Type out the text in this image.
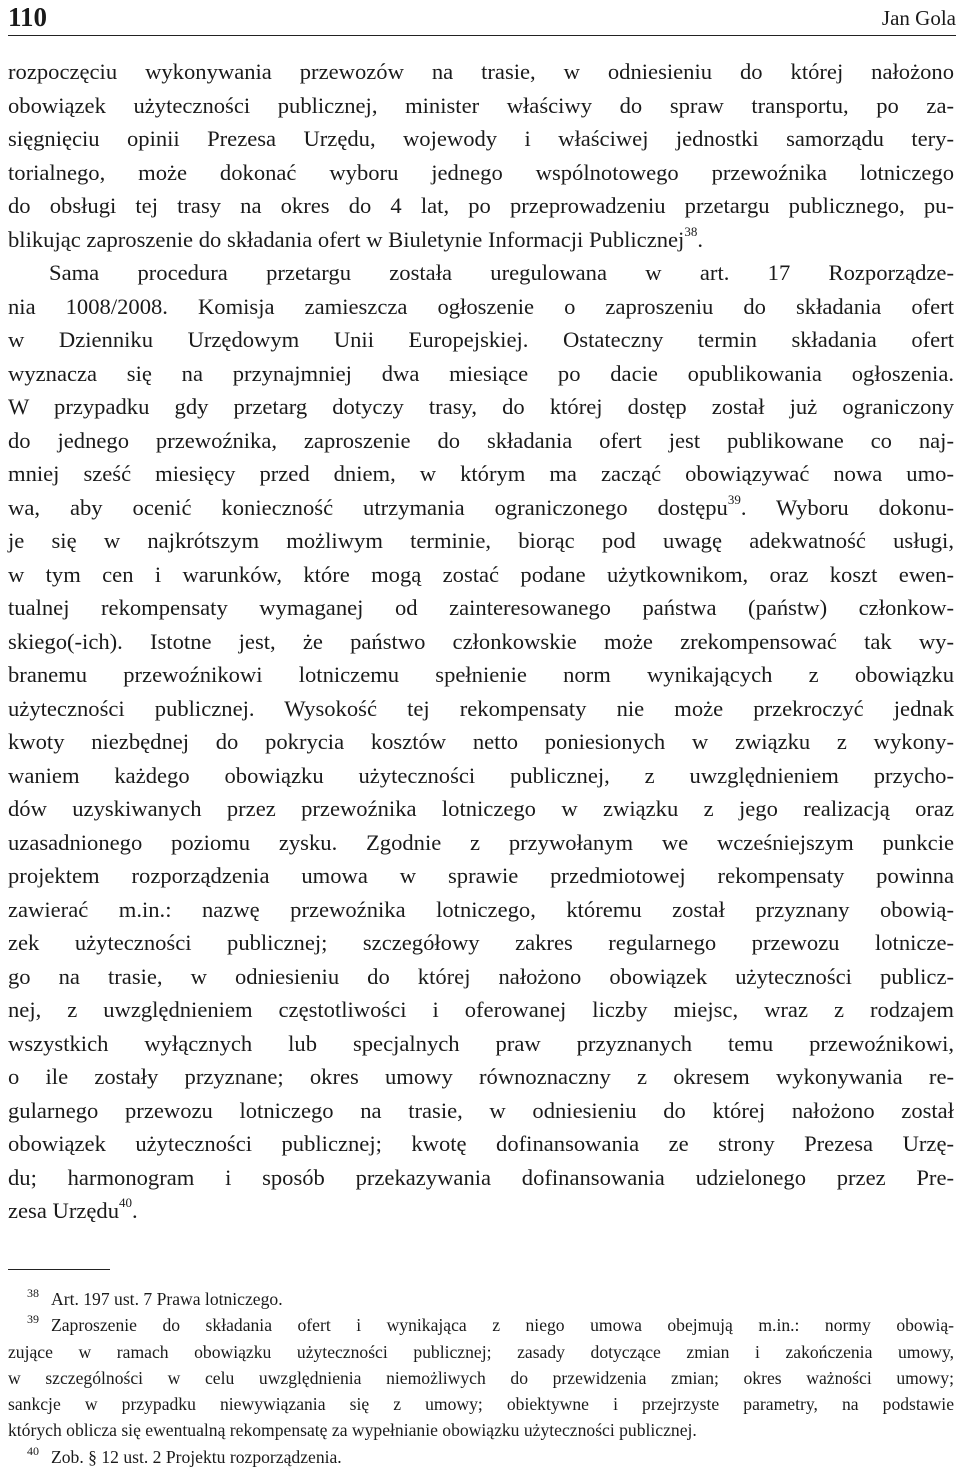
110	Jan Gola
rozpoczęciu wykonywania przewozów na trasie, w odniesieniu do której nałożono
obowiązek użyteczności publicznej, minister właściwy do spraw transportu, po za-
sięgnięciu opinii Prezesa Urzędu, wojewody i właściwej jednostki samorządu tery-
torialnego, może dokonać wyboru jednego wspólnotowego przewoźnika lotniczego
do obsługi tej trasy na okres do 4 lat, po przeprowadzeniu przetargu publicznego, pu-
blikując zaproszenie do składania ofert w Biuletynie Informacji Publicznej$^{38}$.
Sama procedura przetargu została uregulowana w art. 17 Rozporządze-
nia 1008/2008. Komisja zamieszcza ogłoszenie o zaproszeniu do składania ofert
w Dzienniku Urzędowym Unii Europejskiej. Ostateczny termin składania ofert
wyznacza się na przynajmniej dwa miesiące po dacie opublikowania ogłoszenia.
W przypadku gdy przetarg dotyczy trasy, do której dostęp został już ograniczony
do jednego przewoźnika, zaproszenie do składania ofert jest publikowane co naj-
mniej sześć miesięcy przed dniem, w którym ma zacząć obowiązywać nowa umo-
wa, aby ocenić konieczność utrzymania ograniczonego dostępu$^{39}$. Wyboru dokonu-
je się w najkrótszym możliwym terminie, biorąc pod uwagę adekwatność usługi,
w tym cen i warunków, które mogą zostać podane użytkownikom, oraz koszt ewen-
tualnej rekompensaty wymaganej od zainteresowanego państwa (państw) członkow-
skiego(-ich). Istotne jest, że państwo członkowskie może zrekompensować tak wy-
branemu przewoźnikowi lotniczemu spełnienie norm wynikających z obowiązku
użyteczności publicznej. Wysokość tej rekompensaty nie może przekroczyć jednak
kwoty niezbędnej do pokrycia kosztów netto poniesionych w związku z wykony-
waniem każdego obowiązku użyteczności publicznej, z uwzględnieniem przycho-
dów uzyskiwanych przez przewoźnika lotniczego w związku z jego realizacją oraz
uzasadnionego poziomu zysku. Zgodnie z przywołanym we wcześniejszym punkcie
projektem rozporządzenia umowa w sprawie przedmiotowej rekompensaty powinna
zawierać m.in.: nazwę przewoźnika lotniczego, któremu został przyznany obowią-
zek użyteczności publicznej; szczegółowy zakres regularnego przewozu lotnicze-
go na trasie, w odniesieniu do której nałożono obowiązek użyteczności publicz-
nej, z uwzględnieniem częstotliwości i oferowanej liczby miejsc, wraz z rodzajem
wszystkich wyłącznych lub specjalnych praw przyznanych temu przewoźnikowi,
o ile zostały przyznane; okres umowy równoznaczny z okresem wykonywania re-
gularnego przewozu lotniczego na trasie, w odniesieniu do której nałożono został
obowiązek użyteczności publicznej; kwotę dofinansowania ze strony Prezesa Urzę-
du; harmonogram i sposób przekazywania dofinansowania udzielonego przez Pre-
zesa Urzędu$^{40}$.
38 Art. 197 ust. 7 Prawa lotniczego.
39 Zaproszenie do składania ofert i wynikająca z niego umowa obejmują m.in.: normy obowią-
zujące w ramach obowiązku użyteczności publicznej; zasady dotyczące zmian i zakończenia umowy,
w szczególności w celu uwzględnienia niemożliwych do przewidzenia zmian; okres ważności umowy;
sankcje w przypadku niewywiązania się z umowy; obiektywne i przejrzyste parametry, na podstawie
których oblicza się ewentualną rekompensatę za wypełnianie obowiązku użyteczności publicznej.
40 Zob. § 12 ust. 2 Projektu rozporządzenia.
